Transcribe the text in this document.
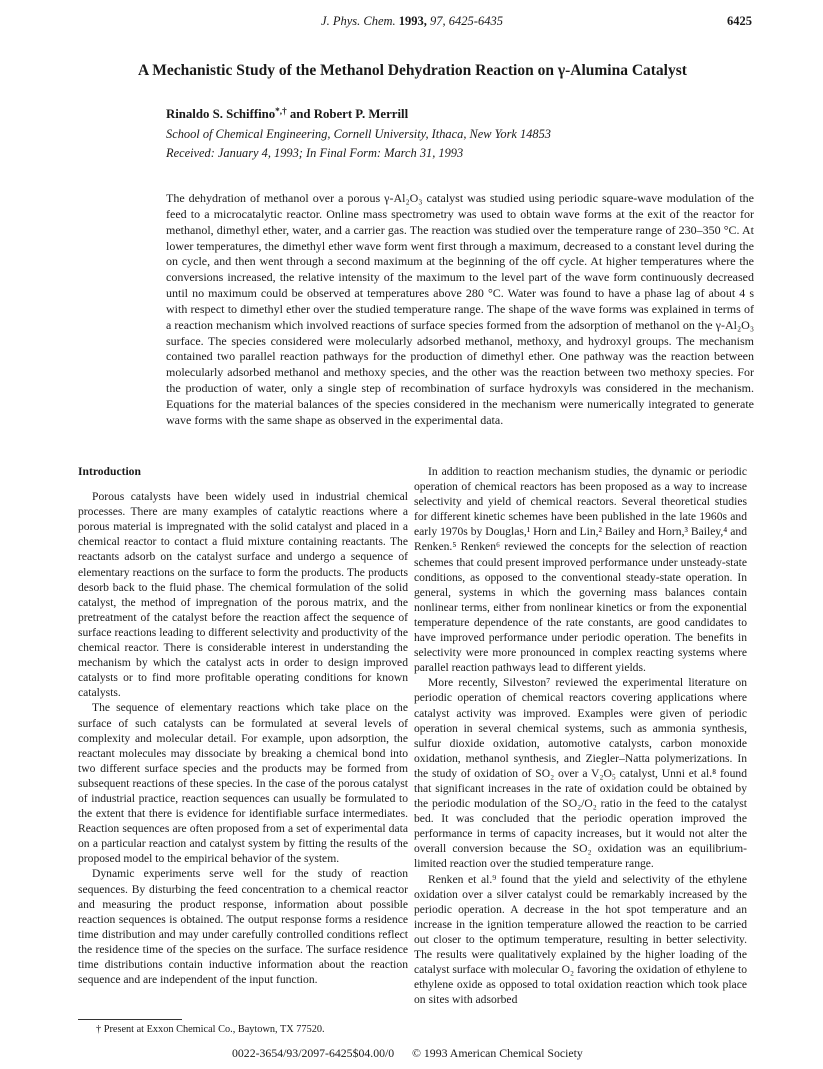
J. Phys. Chem. 1993, 97, 6425-6435	6425
A Mechanistic Study of the Methanol Dehydration Reaction on γ-Alumina Catalyst
Rinaldo S. Schiffino*,† and Robert P. Merrill
School of Chemical Engineering, Cornell University, Ithaca, New York 14853
Received: January 4, 1993; In Final Form: March 31, 1993

The dehydration of methanol over a porous γ-Al₂O₃ catalyst was studied using periodic square-wave modulation of the feed to a microcatalytic reactor. Online mass spectrometry was used to obtain wave forms at the exit of the reactor for methanol, dimethyl ether, water, and a carrier gas. The reaction was studied over the temperature range of 230–350 °C. At lower temperatures, the dimethyl ether wave form went first through a maximum, decreased to a constant level during the on cycle, and then went through a second maximum at the beginning of the off cycle. At higher temperatures where the conversions increased, the relative intensity of the maximum to the level part of the wave form continuously decreased until no maximum could be observed at temperatures above 280 °C. Water was found to have a phase lag of about 4 s with respect to dimethyl ether over the studied temperature range. The shape of the wave forms was explained in terms of a reaction mechanism which involved reactions of surface species formed from the adsorption of methanol on the γ-Al₂O₃ surface. The species considered were molecularly adsorbed methanol, methoxy, and hydroxyl groups. The mechanism contained two parallel reaction pathways for the production of dimethyl ether. One pathway was the reaction between molecularly adsorbed methanol and methoxy species, and the other was the reaction between two methoxy species. For the production of water, only a single step of recombination of surface hydroxyls was considered in the mechanism. Equations for the material balances of the species considered in the mechanism were numerically integrated to generate wave forms with the same shape as observed in the experimental data.

Introduction

Porous catalysts have been widely used in industrial chemical processes. There are many examples of catalytic reactions where a porous material is impregnated with the solid catalyst and placed in a chemical reactor to contact a fluid mixture containing reactants. The reactants adsorb on the catalyst surface and undergo a sequence of elementary reactions on the surface to form the products. The products desorb back to the fluid phase. The chemical formulation of the solid catalyst, the method of impregnation of the porous matrix, and the pretreatment of the catalyst before the reaction affect the sequence of surface reactions leading to different selectivity and productivity of the chemical reactor. There is considerable interest in understanding the mechanism by which the catalyst acts in order to design improved catalysts or to find more profitable operating conditions for known catalysts.

The sequence of elementary reactions which take place on the surface of such catalysts can be formulated at several levels of complexity and molecular detail. For example, upon adsorption, the reactant molecules may dissociate by breaking a chemical bond into two different surface species and the products may be formed from subsequent reactions of these species. In the case of the porous catalyst of industrial practice, reaction sequences can usually be formulated to the extent that there is evidence for identifiable surface intermediates. Reaction sequences are often proposed from a set of experimental data on a particular reaction and catalyst system by fitting the results of the proposed model to the empirical behavior of the system.

Dynamic experiments serve well for the study of reaction sequences. By disturbing the feed concentration to a chemical reactor and measuring the product response, information about possible reaction sequences is obtained. The output response forms a residence time distribution and may under carefully controlled conditions reflect the residence time of the species on the surface. The surface residence time distributions contain inductive information about the reaction sequence and are independent of the input function.

In addition to reaction mechanism studies, the dynamic or periodic operation of chemical reactors has been proposed as a way to increase selectivity and yield of chemical reactors. Several theoretical studies for different kinetic schemes have been published in the late 1960s and early 1970s by Douglas,¹ Horn and Lin,² Bailey and Horn,³ Bailey,⁴ and Renken.⁵ Renken⁶ reviewed the concepts for the selection of reaction schemes that could present improved performance under unsteady-state conditions, as opposed to the conventional steady-state operation. In general, systems in which the governing mass balances contain nonlinear terms, either from nonlinear kinetics or from the exponential temperature dependence of the rate constants, are good candidates to have improved performance under periodic operation. The benefits in selectivity were more pronounced in complex reacting systems where parallel reaction pathways lead to different yields.

More recently, Silveston⁷ reviewed the experimental literature on periodic operation of chemical reactors covering applications where catalyst activity was improved. Examples were given of periodic operation in several chemical systems, such as ammonia synthesis, sulfur dioxide oxidation, automotive catalysts, carbon monoxide oxidation, methanol synthesis, and Ziegler–Natta polymerizations. In the study of oxidation of SO₂ over a V₂O₅ catalyst, Unni et al.⁸ found that significant increases in the rate of oxidation could be obtained by the periodic modulation of the SO₂/O₂ ratio in the feed to the catalyst bed. It was concluded that the periodic operation improved the performance in terms of capacity increases, but it would not alter the overall conversion because the SO₂ oxidation was an equilibrium-limited reaction over the studied temperature range.

Renken et al.⁹ found that the yield and selectivity of the ethylene oxidation over a silver catalyst could be remarkably increased by the periodic operation. A decrease in the hot spot temperature and an increase in the ignition temperature allowed the reaction to be carried out closer to the optimum temperature, resulting in better selectivity. The results were qualitatively explained by the higher loading of the catalyst surface with molecular O₂ favoring the oxidation of ethylene to ethylene oxide as opposed to total oxidation reaction which took place on sites with adsorbed

† Present at Exxon Chemical Co., Baytown, TX 77520.
0022-3654/93/2097-6425$04.00/0 © 1993 American Chemical Society
